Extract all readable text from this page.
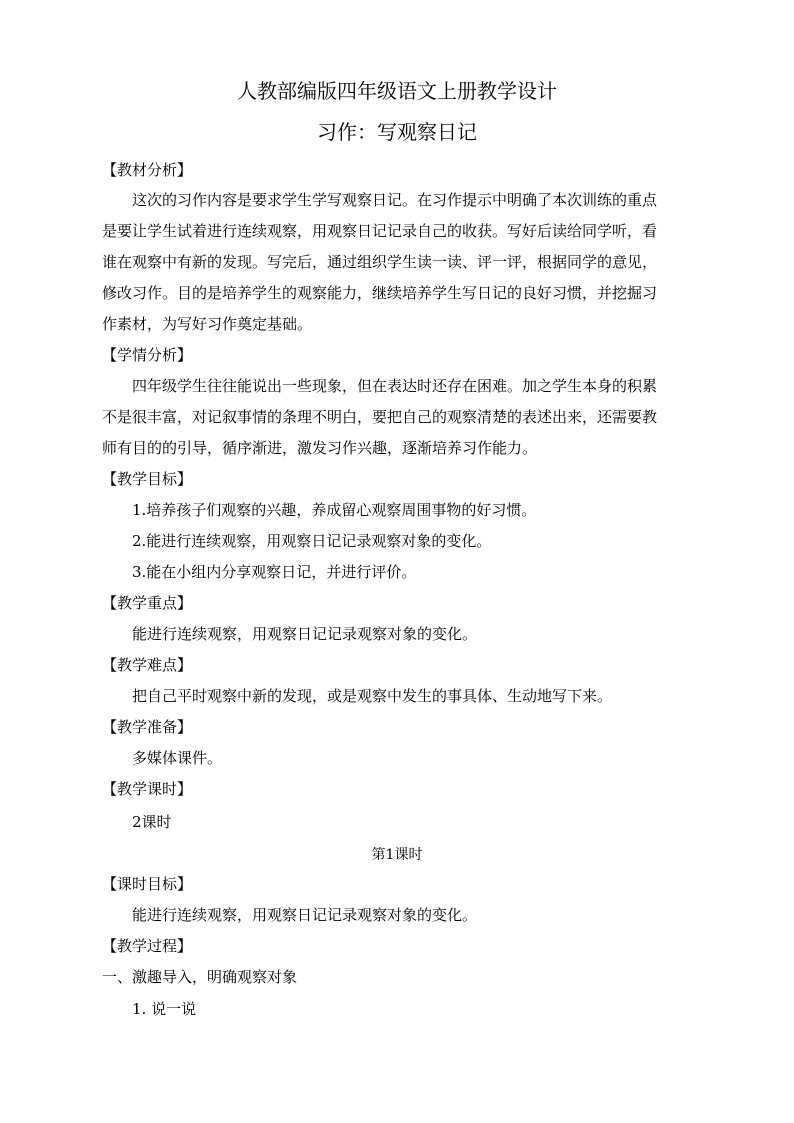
人教部编版四年级语文上册教学设计
习作：写观察日记
【教材分析】
这次的习作内容是要求学生学写观察日记。在习作提示中明确了本次训练的重点
是要让学生试着进行连续观察，用观察日记记录自己的收获。写好后读给同学听，看
谁在观察中有新的发现。写完后，通过组织学生读一读、评一评，根据同学的意见，
修改习作。目的是培养学生的观察能力，继续培养学生写日记的良好习惯，并挖掘习
作素材，为写好习作奠定基础。
【学情分析】
四年级学生往往能说出一些现象，但在表达时还存在困难。加之学生本身的积累
不是很丰富，对记叙事情的条理不明白，要把自己的观察清楚的表述出来，还需要教
师有目的的引导，循序渐进，激发习作兴趣，逐渐培养习作能力。
【教学目标】
1.培养孩子们观察的兴趣，养成留心观察周围事物的好习惯。
2.能进行连续观察，用观察日记记录观察对象的变化。
3.能在小组内分享观察日记，并进行评价。
【教学重点】
能进行连续观察，用观察日记记录观察对象的变化。
【教学难点】
把自己平时观察中新的发现，或是观察中发生的事具体、生动地写下来。
【教学准备】
多媒体课件。
【教学课时】
2课时
第1课时
【课时目标】
能进行连续观察，用观察日记记录观察对象的变化。
【教学过程】
一、激趣导入，明确观察对象
1. 说一说
